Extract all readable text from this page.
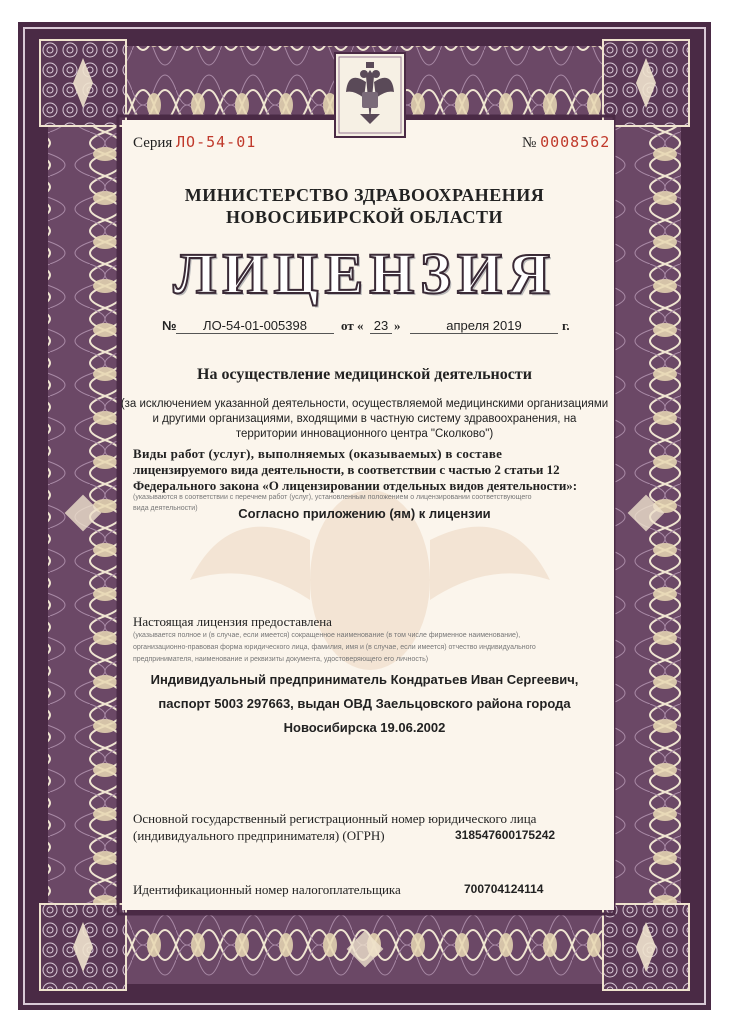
Серия ЛО-54-01	№ 0008562
МИНИСТЕРСТВО ЗДРАВООХРАНЕНИЯ
НОВОСИБИРСКОЙ ОБЛАСТИ
ЛИЦЕНЗИЯ
№	ЛО-54-01-005398	от « 23 »	апреля 2019	г.
На осуществление медицинской деятельности
(за исключением указанной деятельности, осуществляемой медицинскими организациями
и другими организациями, входящими в частную систему здравоохранения, на
территории инновационного центра "Сколково")
Виды работ (услуг), выполняемых (оказываемых) в составе
лицензируемого вида деятельности, в соответствии с частью 2 статьи 12
Федерального закона «О лицензировании отдельных видов деятельности»:
(указываются в соответствии с перечнем работ (услуг), установленным положением о лицензировании соответствующего
вида деятельности)	Согласно приложению (ям) к лицензии
Настоящая лицензия предоставлена
(указывается полное и (в случае, если имеется) сокращенное наименование (в том числе фирменное наименование),
организационно-правовая форма юридического лица, фамилия, имя и (в случае, если имеется) отчество индивидуального
предпринимателя, наименование и реквизиты документа, удостоверяющего его личность)
Индивидуальный предприниматель Кондратьев Иван Сергеевич,
паспорт 5003 297663, выдан ОВД Заельцовского района города
Новосибирска 19.06.2002
Основной государственный регистрационный номер юридического лица
(индивидуального предпринимателя) (ОГРН)	318547600175242
Идентификационный номер налогоплательщика	700704124114
